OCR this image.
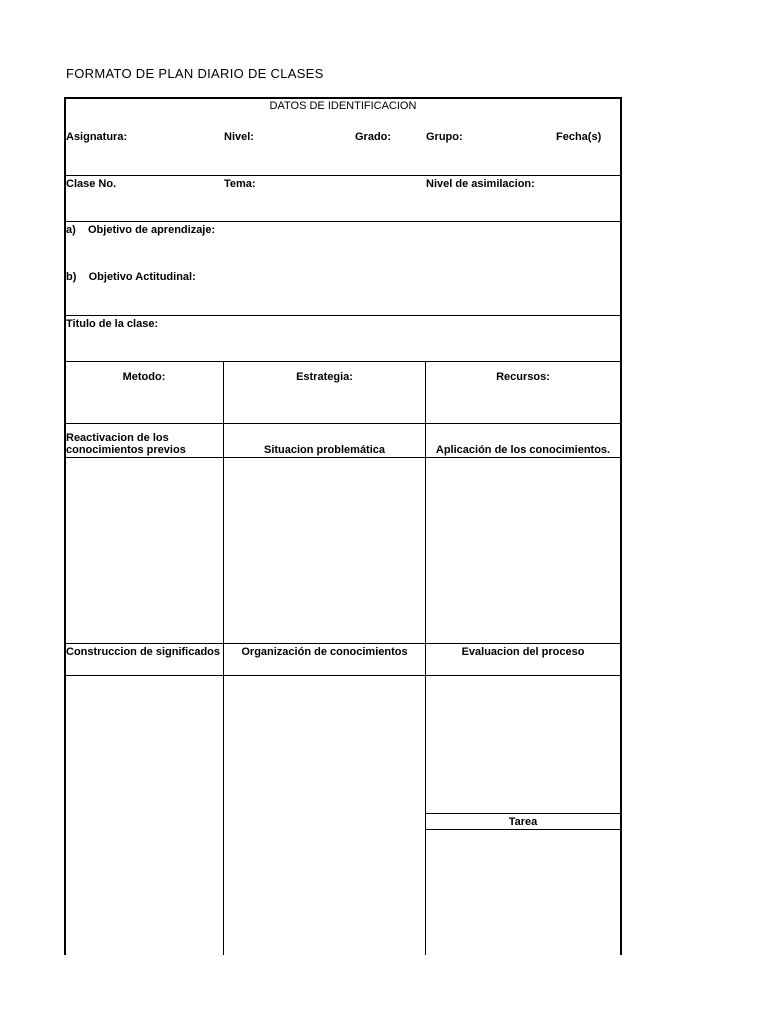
FORMATO DE PLAN DIARIO DE CLASES
DATOS DE IDENTIFICACION
Asignatura:	Nivel:	Grado:	Grupo:	Fecha(s)
Clase No.	Tema:	Nivel de asimilacion:
a)    Objetivo de aprendizaje:
b)    Objetivo Actitudinal:
Titulo de la clase:
Metodo:	Estrategia:	Recursos:
Reactivacion de los conocimientos previos	Situacion problemática	Aplicación de los conocimientos.
Construccion de significados	Organización de conocimientos	Evaluacion del proceso
Tarea
